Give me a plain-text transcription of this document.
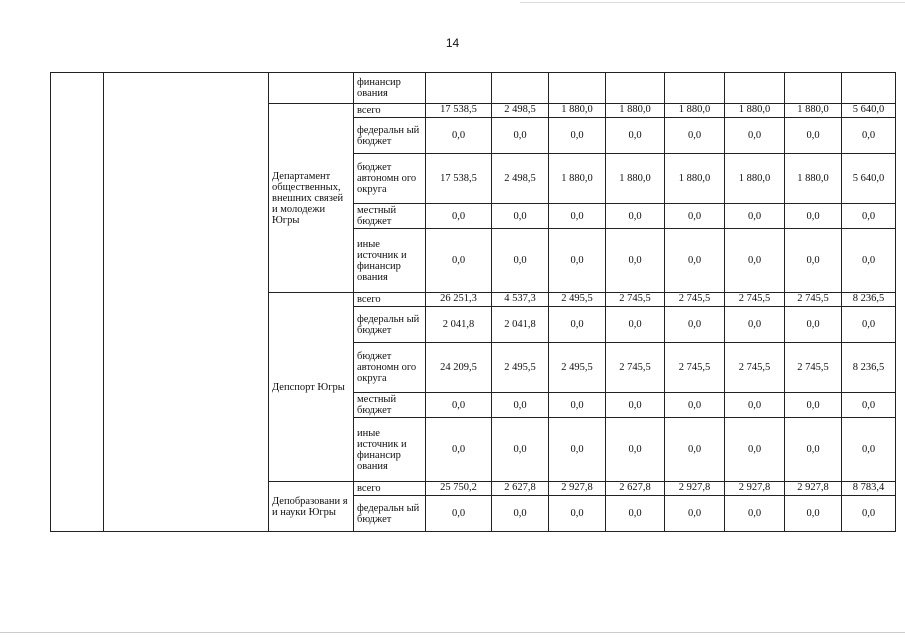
14
			финансир ования								
		Департамент общественных, внешних связей и молодежи Югры	всего	17 538,5	2 498,5	1 880,0	1 880,0	1 880,0	1 880,0	1 880,0	5 640,0
			федеральн ый бюджет	0,0	0,0	0,0	0,0	0,0	0,0	0,0	0,0
			бюджет автономн ого округа	17 538,5	2 498,5	1 880,0	1 880,0	1 880,0	1 880,0	1 880,0	5 640,0
			местный бюджет	0,0	0,0	0,0	0,0	0,0	0,0	0,0	0,0
			иные источник и финансир ования	0,0	0,0	0,0	0,0	0,0	0,0	0,0	0,0
		Депспорт Югры	всего	26 251,3	4 537,3	2 495,5	2 745,5	2 745,5	2 745,5	2 745,5	8 236,5
			федеральн ый бюджет	2 041,8	2 041,8	0,0	0,0	0,0	0,0	0,0	0,0
			бюджет автономн ого округа	24 209,5	2 495,5	2 495,5	2 745,5	2 745,5	2 745,5	2 745,5	8 236,5
			местный бюджет	0,0	0,0	0,0	0,0	0,0	0,0	0,0	0,0
			иные источник и финансир ования	0,0	0,0	0,0	0,0	0,0	0,0	0,0	0,0
		Депобразовани я и науки Югры	всего	25 750,2	2 627,8	2 927,8	2 627,8	2 927,8	2 927,8	2 927,8	8 783,4
			федеральн ый бюджет	0,0	0,0	0,0	0,0	0,0	0,0	0,0	0,0
